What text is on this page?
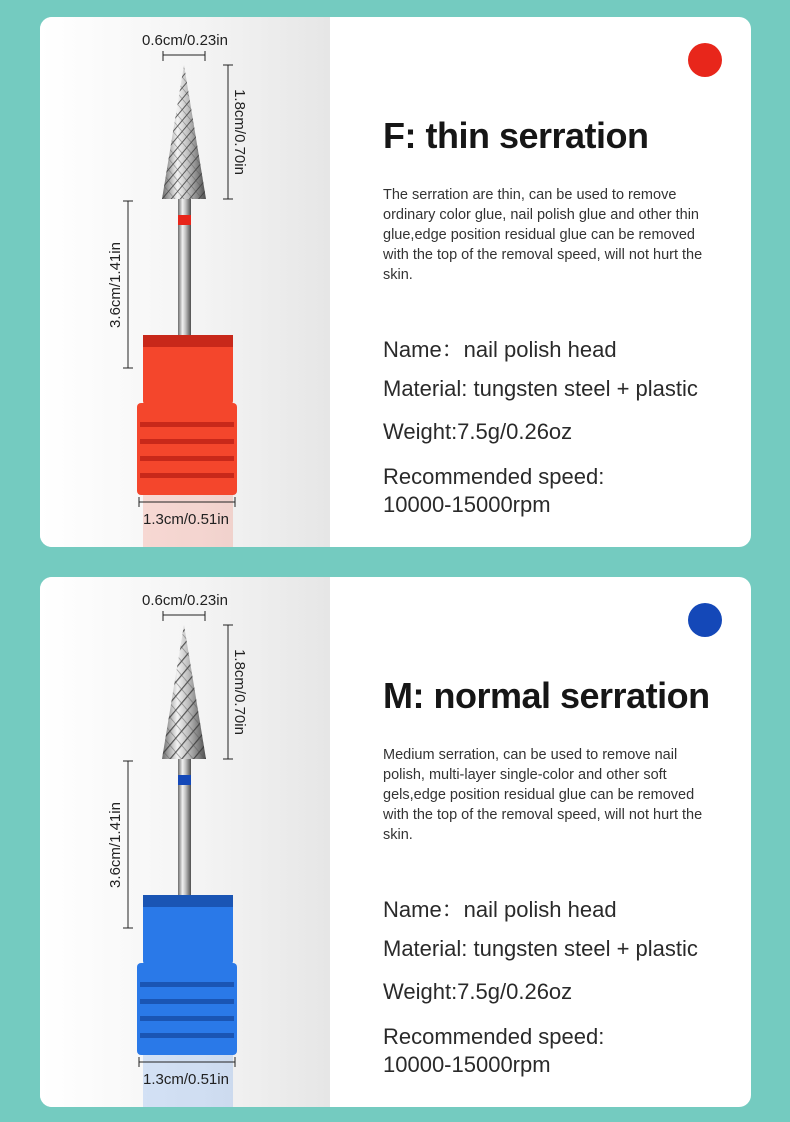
0.6cm/0.23in
1.8cm/0.70in
3.6cm/1.41in
1.3cm/0.51in
F: thin serration
The serration are thin, can be used to remove ordinary color glue, nail polish glue and other thin glue,edge position residual glue can be removed with the top of the removal speed, will not hurt the skin.
Name：nail polish head
Material: tungsten steel + plastic
Weight:7.5g/0.26oz
Recommended speed:
10000-15000rpm
0.6cm/0.23in
1.8cm/0.70in
3.6cm/1.41in
1.3cm/0.51in
M: normal serration
Medium serration, can be used to remove nail polish, multi-layer single-color and other soft gels,edge position residual glue can be removed with the top of the removal speed, will not hurt the skin.
Name：nail polish head
Material: tungsten steel + plastic
Weight:7.5g/0.26oz
Recommended speed:
10000-15000rpm
